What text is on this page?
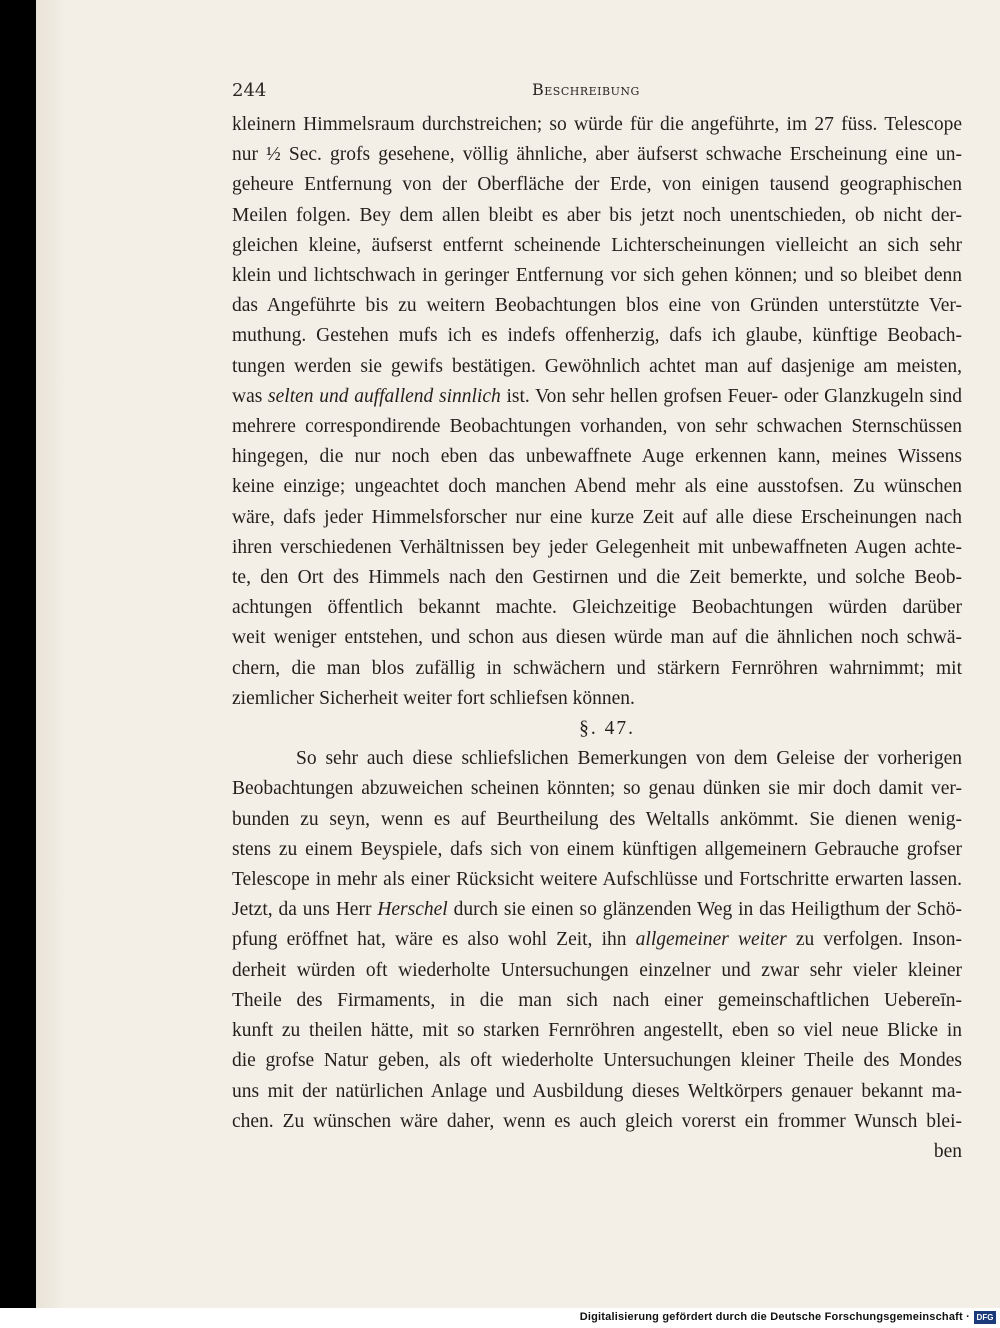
244	Beschreibung
kleinern Himmelsraum durchstreichen; so würde für die angeführte, im 27 füss. Telescope
nur ½ Sec. grofs gesehene, völlig ähnliche, aber äufserst schwache Erscheinung eine un-
geheure Entfernung von der Oberfläche der Erde, von einigen tausend geographischen
Meilen folgen. Bey dem allen bleibt es aber bis jetzt noch unentschieden, ob nicht der-
gleichen kleine, äufserst entfernt scheinende Lichterscheinungen vielleicht an sich sehr
klein und lichtschwach in geringer Entfernung vor sich gehen können; und so bleibet denn
das Angeführte bis zu weitern Beobachtungen blos eine von Gründen unterstützte Ver-
muthung. Gestehen mufs ich es indefs offenherzig, dafs ich glaube, künftige Beobach-
tungen werden sie gewifs bestätigen. Gewöhnlich achtet man auf dasjenige am meisten,
was selten und auffallend sinnlich ist. Von sehr hellen grofsen Feuer- oder Glanzkugeln sind
mehrere correspondirende Beobachtungen vorhanden, von sehr schwachen Sternschüssen
hingegen, die nur noch eben das unbewaffnete Auge erkennen kann, meines Wissens
keine einzige; ungeachtet doch manchen Abend mehr als eine ausstofsen. Zu wünschen
wäre, dafs jeder Himmelsforscher nur eine kurze Zeit auf alle diese Erscheinungen nach
ihren verschiedenen Verhältnissen bey jeder Gelegenheit mit unbewaffneten Augen achte-
te, den Ort des Himmels nach den Gestirnen und die Zeit bemerkte, und solche Beob-
achtungen öffentlich bekannt machte. Gleichzeitige Beobachtungen würden darüber
weit weniger entstehen, und schon aus diesen würde man auf die ähnlichen noch schwä-
chern, die man blos zufällig in schwächern und stärkern Fernröhren wahrnimmt; mit
ziemlicher Sicherheit weiter fort schliefsen können.
§. 47.
So sehr auch diese schliefslichen Bemerkungen von dem Geleise der vorherigen
Beobachtungen abzuweichen scheinen könnten; so genau dünken sie mir doch damit ver-
bunden zu seyn, wenn es auf Beurtheilung des Weltalls ankömmt. Sie dienen wenig-
stens zu einem Beyspiele, dafs sich von einem künftigen allgemeinern Gebrauche grofser
Telescope in mehr als einer Rücksicht weitere Aufschlüsse und Fortschritte erwarten lassen.
Jetzt, da uns Herr Herschel durch sie einen so glänzenden Weg in das Heiligthum der Schö-
pfung eröffnet hat, wäre es also wohl Zeit, ihn allgemeiner weiter zu verfolgen. Inson-
derheit würden oft wiederholte Untersuchungen einzelner und zwar sehr vieler kleiner
Theile des Firmaments, in die man sich nach einer gemeinschaftlichen Uebereīn-
kunft zu theilen hätte, mit so starken Fernröhren angestellt, eben so viel neue Blicke in
die grofse Natur geben, als oft wiederholte Untersuchungen kleiner Theile des Mondes
uns mit der natürlichen Anlage und Ausbildung dieses Weltkörpers genauer bekannt ma-
chen. Zu wünschen wäre daher, wenn es auch gleich vorerst ein frommer Wunsch blei-
ben
Digitalisierung gefördert durch die Deutsche Forschungsgemeinschaft · DFG
